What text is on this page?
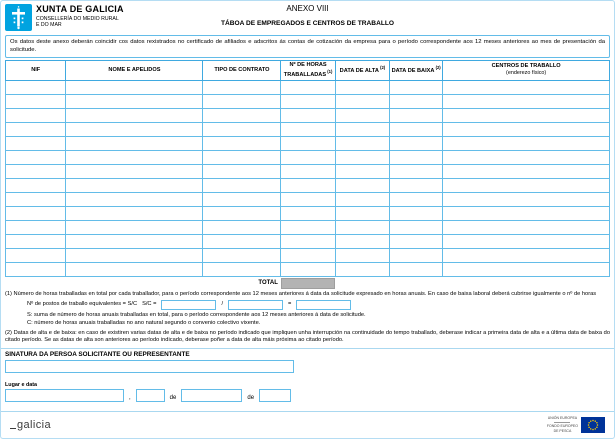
XUNTA DE GALICIA
CONSELLERÍA DO MEDIO RURAL
E DO MAR
ANEXO VIII
TÁBOA DE EMPREGADOS E CENTROS DE TRABALLO
Os datos deste anexo deberán coincidir cos datos rexistrados no certificado de afiliados e adscritos ás contas de cotización da empresa para o período correspondente aos 12 meses anteriores ao mes de presentación da solicitude.
NIF	NOME E APELIDOS	TIPO DE CONTRATO	Nº DE HORAS TRABALLADAS $^{(1)}$	DATA DE ALTA $^{(2)}$	DATA DE BAIXA $^{(2)}$	CENTROS DE TRABALLO
(enderezo físico)

TOTAL
(1) Número de horas traballadas en total por cada traballador, para o período correspondente aos 12 meses anteriores á data da solicitude expresado en horas anuais. En caso de baixa laboral deberá cubrirse igualmente o nº de horas
Nº de postos de traballo equivalentes = S/C S/C =	/	=
S: suma de número de horas anuais traballadas en total, para o período correspondente aos 12 meses anteriores á data de solicitude.
C: número de horas anuais traballadas no ano natural segundo o convenio colectivo vixente.
(2) Datas de alta e de baixa: en caso de existiren varias datas de alta e de baixa no período indicado que impliquen unha interrupción na continuidade do tempo traballado, deberase indicar a primeira data de alta e a última data de baixa do citado período. Se as datas de alta son anteriores ao período indicado, deberase poñer a data de alta máis próxima ao citado período.
SINATURA DA PERSOA SOLICITANTE OU REPRESENTANTE
Lugar e data
,	de	de
galicia
UNIÓN EUROPEA
FONDO EUROPEO
DE PESCA
